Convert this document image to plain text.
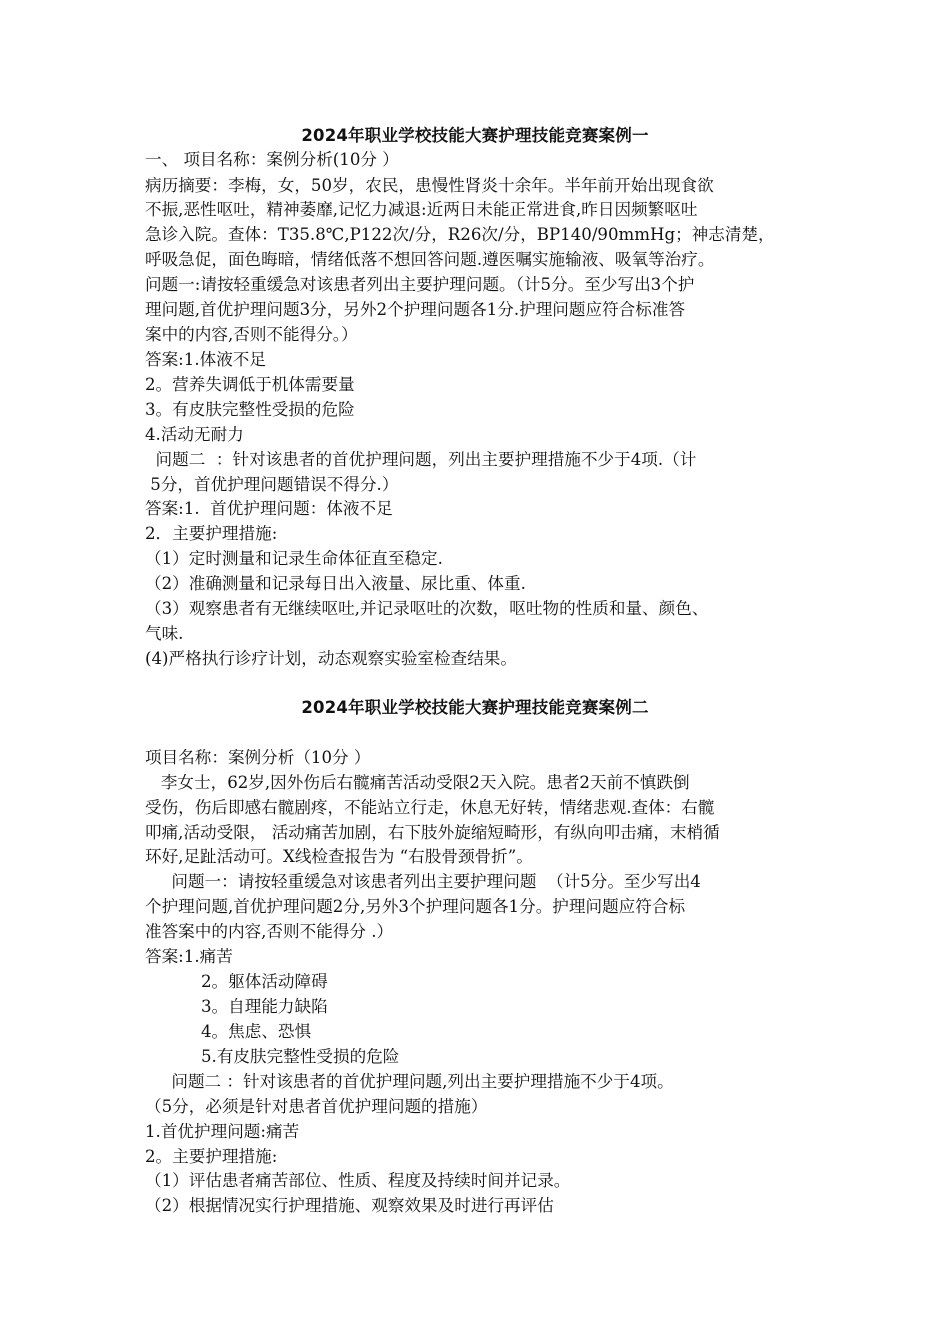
2024年职业学校技能大赛护理技能竞赛案例一
一、 项目名称：案例分析(10分 ）
病历摘要：李梅，女，50岁，农民，患慢性肾炎十余年。半年前开始出现食欲
不振,恶性呕吐，精神萎靡,记忆力减退:近两日未能正常进食,昨日因频繁呕吐
急诊入院。查体：T35.8℃,P122次/分，R26次/分，BP140/90mmHg；神志清楚，
呼吸急促，面色晦暗，情绪低落不想回答问题.遵医嘱实施输液、吸氧等治疗。
问题一:请按轻重缓急对该患者列出主要护理问题。（计5分。至少写出3个护
理问题,首优护理问题3分，另外2个护理问题各1分.护理问题应符合标准答
案中的内容,否则不能得分。）
答案:1.体液不足
2。营养失调低于机体需要量
3。有皮肤完整性受损的危险
4.活动无耐力
问题二  ：针对该患者的首优护理问题，列出主要护理措施不少于4项.（计
5分，首优护理问题错误不得分.）
答案:1.  首优护理问题：体液不足
2．主要护理措施:
（1）定时测量和记录生命体征直至稳定.
（2）准确测量和记录每日出入液量、尿比重、体重.
（3）观察患者有无继续呕吐,并记录呕吐的次数，呕吐物的性质和量、颜色、
气味.
(4)严格执行诊疗计划，动态观察实验室检查结果。
2024年职业学校技能大赛护理技能竞赛案例二
项目名称：案例分析（10分 ）
李女士，62岁,因外伤后右髋痛苦活动受限2天入院。患者2天前不慎跌倒
受伤，伤后即感右髋剧疼，不能站立行走，休息无好转，情绪悲观.查体：右髋
叩痛,活动受限， 活动痛苦加剧，右下肢外旋缩短畸形，有纵向叩击痛，末梢循
环好,足趾活动可。X线检查报告为 “右股骨颈骨折”。
问题一：请按轻重缓急对该患者列出主要护理问题  （计5分。至少写出4
个护理问题,首优护理问题2分,另外3个护理问题各1分。护理问题应符合标
准答案中的内容,否则不能得分 .）
答案:1.痛苦
2。躯体活动障碍
3。自理能力缺陷
4。焦虑、恐惧
5.有皮肤完整性受损的危险
问题二 ：针对该患者的首优护理问题,列出主要护理措施不少于4项。
（5分，必须是针对患者首优护理问题的措施）
1.首优护理问题:痛苦
2。主要护理措施:
（1）评估患者痛苦部位、性质、程度及持续时间并记录。
（2）根据情况实行护理措施、观察效果及时进行再评估
